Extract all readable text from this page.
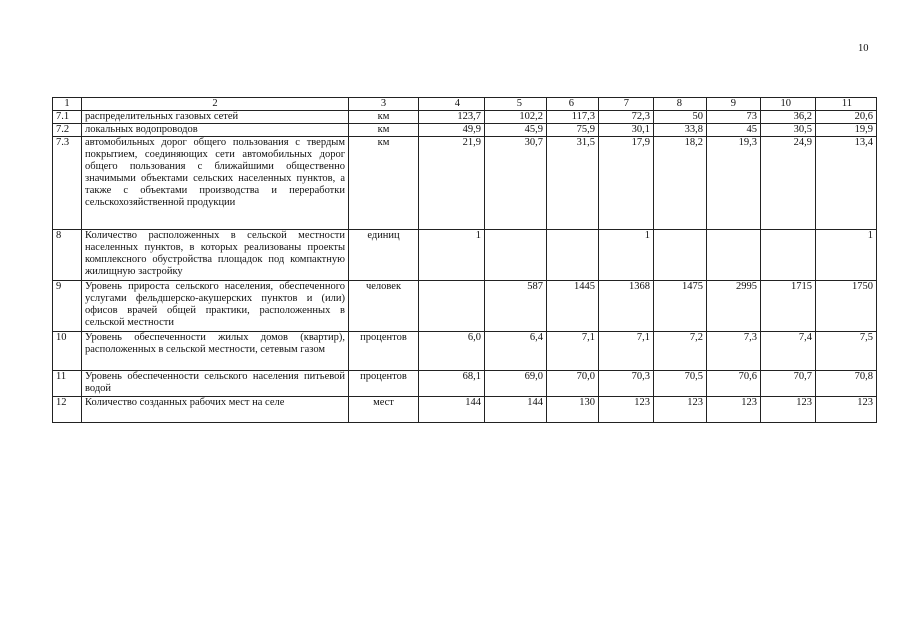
10
1	2	3	4	5	6	7	8	9	10	11
7.1	распределительных газовых сетей	км	123,7	102,2	117,3	72,3	50	73	36,2	20,6
7.2	локальных водопроводов	км	49,9	45,9	75,9	30,1	33,8	45	30,5	19,9
7.3	автомобильных дорог общего пользования с твердым покрытием, соединяющих сети автомобильных дорог общего пользования с ближайшими общественно значимыми объектами сельских населенных пунктов, а также с объектами производства и переработки сельскохозяйственной продукции	км	21,9	30,7	31,5	17,9	18,2	19,3	24,9	13,4
8	Количество расположенных в сельской местности населенных пунктов, в которых реализованы проекты комплексного обустройства площадок под компактную жилищную застройку	единиц	1			1				1
9	Уровень прироста сельского населения, обеспеченного услугами фельдшерско-акушерских пунктов и (или) офисов врачей общей практики, расположенных в сельской местности	человек		587	1445	1368	1475	2995	1715	1750
10	Уровень обеспеченности жилых домов (квартир), расположенных в сельской местности, сетевым газом	процентов	6,0	6,4	7,1	7,1	7,2	7,3	7,4	7,5
11	Уровень обеспеченности сельского населения питьевой водой	процентов	68,1	69,0	70,0	70,3	70,5	70,6	70,7	70,8
12	Количество созданных рабочих мест на селе	мест	144	144	130	123	123	123	123	123
